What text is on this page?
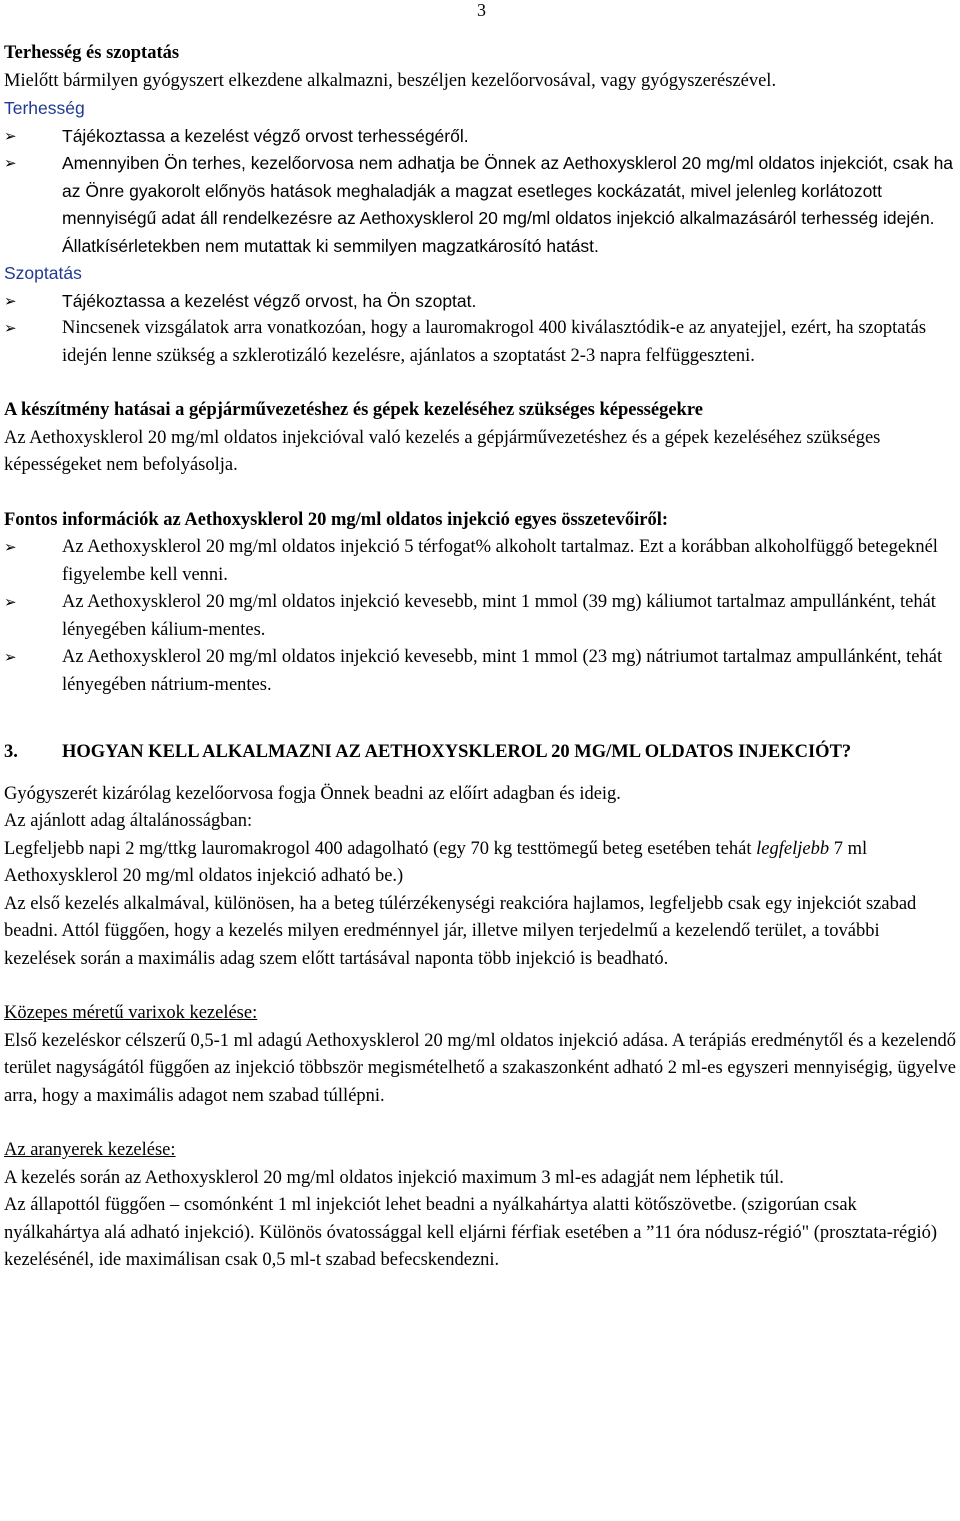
3

Terhesség és szoptatás

Mielőtt bármilyen gyógyszert elkezdene alkalmazni, beszéljen kezelőorvosával, vagy gyógyszerészével.

Terhesség

➢	Tájékoztassa a kezelést végző orvost terhességéről.
➢	Amennyiben Ön terhes, kezelőorvosa nem adhatja be Önnek az Aethoxysklerol 20 mg/ml oldatos injekciót, csak ha az Önre gyakorolt előnyös hatások meghaladják a magzat esetleges kockázatát, mivel jelenleg korlátozott mennyiségű adat áll rendelkezésre az Aethoxysklerol 20 mg/ml oldatos injekció alkalmazásáról terhesség idején. Állatkísérletekben nem mutattak ki semmilyen magzatkárosító hatást.

Szoptatás

➢	Tájékoztassa a kezelést végző orvost, ha Ön szoptat.
➢	Nincsenek vizsgálatok arra vonatkozóan, hogy a lauromakrogol 400 kiválasztódik-e az anyatejjel, ezért, ha szoptatás idején lenne szükség a szklerotizáló kezelésre, ajánlatos a szoptatást 2-3 napra felfüggeszteni.

A készítmény hatásai a gépjárművezetéshez és gépek kezeléséhez szükséges képességekre

Az Aethoxysklerol 20 mg/ml oldatos injekcióval való kezelés a gépjárművezetéshez és a gépek kezeléséhez szükséges képességeket nem befolyásolja.

Fontos információk az Aethoxysklerol 20 mg/ml oldatos injekció egyes összetevőiről:

➢	Az Aethoxysklerol 20 mg/ml oldatos injekció 5 térfogat% alkoholt tartalmaz. Ezt a korábban alkoholfüggő betegeknél figyelembe kell venni.
➢	Az Aethoxysklerol 20 mg/ml oldatos injekció kevesebb, mint 1 mmol (39 mg) káliumot tartalmaz ampullánként, tehát lényegében kálium-mentes.
➢	Az Aethoxysklerol 20 mg/ml oldatos injekció kevesebb, mint 1 mmol (23 mg) nátriumot tartalmaz ampullánként, tehát lényegében nátrium-mentes.
3.	HOGYAN KELL ALKALMAZNI AZ AETHOXYSKLEROL 20 MG/ML OLDATOS INJEKCIÓT?

Gyógyszerét kizárólag kezelőorvosa fogja Önnek beadni az előírt adagban és ideig.

Az ajánlott adag általánosságban:

Legfeljebb napi 2 mg/ttkg lauromakrogol 400 adagolható (egy 70 kg testtömegű beteg esetében tehát legfeljebb 7 ml Aethoxysklerol 20 mg/ml oldatos injekció adható be.)

Az első kezelés alkalmával, különösen, ha a beteg túlérzékenységi reakcióra hajlamos, legfeljebb csak egy injekciót szabad beadni. Attól függően, hogy a kezelés milyen eredménnyel jár, illetve milyen terjedelmű a kezelendő terület, a további kezelések során a maximális adag szem előtt tartásával naponta több injekció is beadható.

Közepes méretű varixok kezelése:

Első kezeléskor célszerű 0,5-1 ml adagú Aethoxysklerol 20 mg/ml oldatos injekció adása. A terápiás eredménytől és a kezelendő terület nagyságától függően az injekció többször megismételhető a szakaszonként adható 2 ml-es egyszeri mennyiségig, ügyelve arra, hogy a maximális adagot nem szabad túllépni.

Az aranyerek kezelése:

A kezelés során az Aethoxysklerol 20 mg/ml oldatos injekció maximum 3 ml-es adagját nem léphetik túl.

Az állapottól függően – csomónként 1 ml injekciót lehet beadni a nyálkahártya alatti kötőszövetbe. (szigorúan csak nyálkahártya alá adható injekció). Különös óvatossággal kell eljárni férfiak esetében a ”11 óra nódusz-régió" (prosztata-régió) kezelésénél, ide maximálisan csak 0,5 ml-t szabad befecskendezni.
